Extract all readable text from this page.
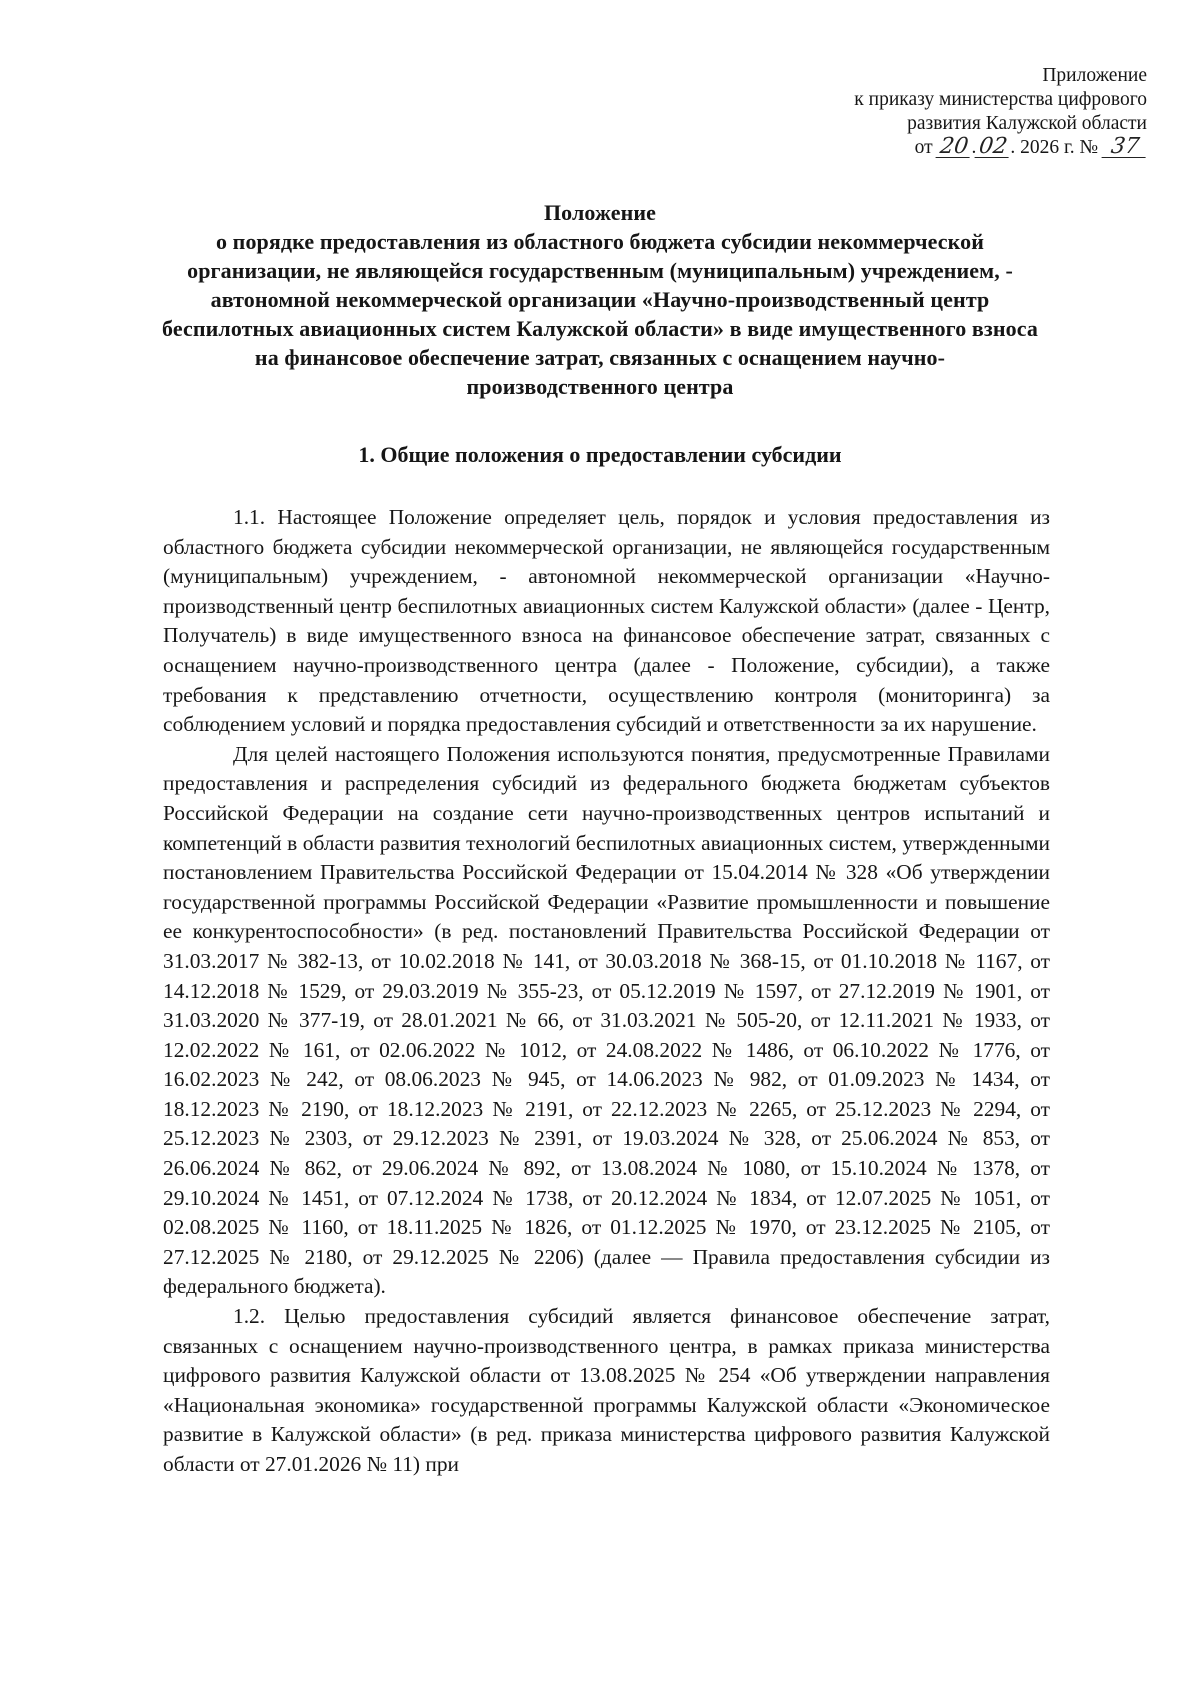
Приложение
к приказу министерства цифрового
развития Калужской области
от 20.02. 2026 г. № 37
Положение
о порядке предоставления из областного бюджета субсидии некоммерческой организации, не являющейся государственным (муниципальным) учреждением, - автономной некоммерческой организации «Научно-производственный центр беспилотных авиационных систем Калужской области» в виде имущественного взноса на финансовое обеспечение затрат, связанных с оснащением научно-производственного центра
1. Общие положения о предоставлении субсидии

1.1. Настоящее Положение определяет цель, порядок и условия предоставления из областного бюджета субсидии некоммерческой организации, не являющейся государственным (муниципальным) учреждением, - автономной некоммерческой организации «Научно-производственный центр беспилотных авиационных систем Калужской области» (далее - Центр, Получатель) в виде имущественного взноса на финансовое обеспечение затрат, связанных с оснащением научно-производственного центра (далее - Положение, субсидии), а также требования к представлению отчетности, осуществлению контроля (мониторинга) за соблюдением условий и порядка предоставления субсидий и ответственности за их нарушение.

Для целей настоящего Положения используются понятия, предусмотренные Правилами предоставления и распределения субсидий из федерального бюджета бюджетам субъектов Российской Федерации на создание сети научно-производственных центров испытаний и компетенций в области развития технологий беспилотных авиационных систем, утвержденными постановлением Правительства Российской Федерации от 15.04.2014 № 328 «Об утверждении государственной программы Российской Федерации «Развитие промышленности и повышение ее конкурентоспособности» (в ред. постановлений Правительства Российской Федерации от 31.03.2017 № 382-13, от 10.02.2018 № 141, от 30.03.2018 № 368-15, от 01.10.2018 № 1167, от 14.12.2018 № 1529, от 29.03.2019 № 355-23, от 05.12.2019 № 1597, от 27.12.2019 № 1901, от 31.03.2020 № 377-19, от 28.01.2021 № 66, от 31.03.2021 № 505-20, от 12.11.2021 № 1933, от 12.02.2022 № 161, от 02.06.2022 № 1012, от 24.08.2022 № 1486, от 06.10.2022 № 1776, от 16.02.2023 № 242, от 08.06.2023 № 945, от 14.06.2023 № 982, от 01.09.2023 № 1434, от 18.12.2023 № 2190, от 18.12.2023 № 2191, от 22.12.2023 № 2265, от 25.12.2023 № 2294, от 25.12.2023 № 2303, от 29.12.2023 № 2391, от 19.03.2024 № 328, от 25.06.2024 № 853, от 26.06.2024 № 862, от 29.06.2024 № 892, от 13.08.2024 № 1080, от 15.10.2024 № 1378, от 29.10.2024 № 1451, от 07.12.2024 № 1738, от 20.12.2024 № 1834, от 12.07.2025 № 1051, от 02.08.2025 № 1160, от 18.11.2025 № 1826, от 01.12.2025 № 1970, от 23.12.2025 № 2105, от 27.12.2025 № 2180, от 29.12.2025 № 2206) (далее — Правила предоставления субсидии из федерального бюджета).

1.2. Целью предоставления субсидий является финансовое обеспечение затрат, связанных с оснащением научно-производственного центра, в рамках приказа министерства цифрового развития Калужской области от 13.08.2025 № 254 «Об утверждении направления «Национальная экономика» государственной программы Калужской области «Экономическое развитие в Калужской области» (в ред. приказа министерства цифрового развития Калужской области от 27.01.2026 № 11) при
